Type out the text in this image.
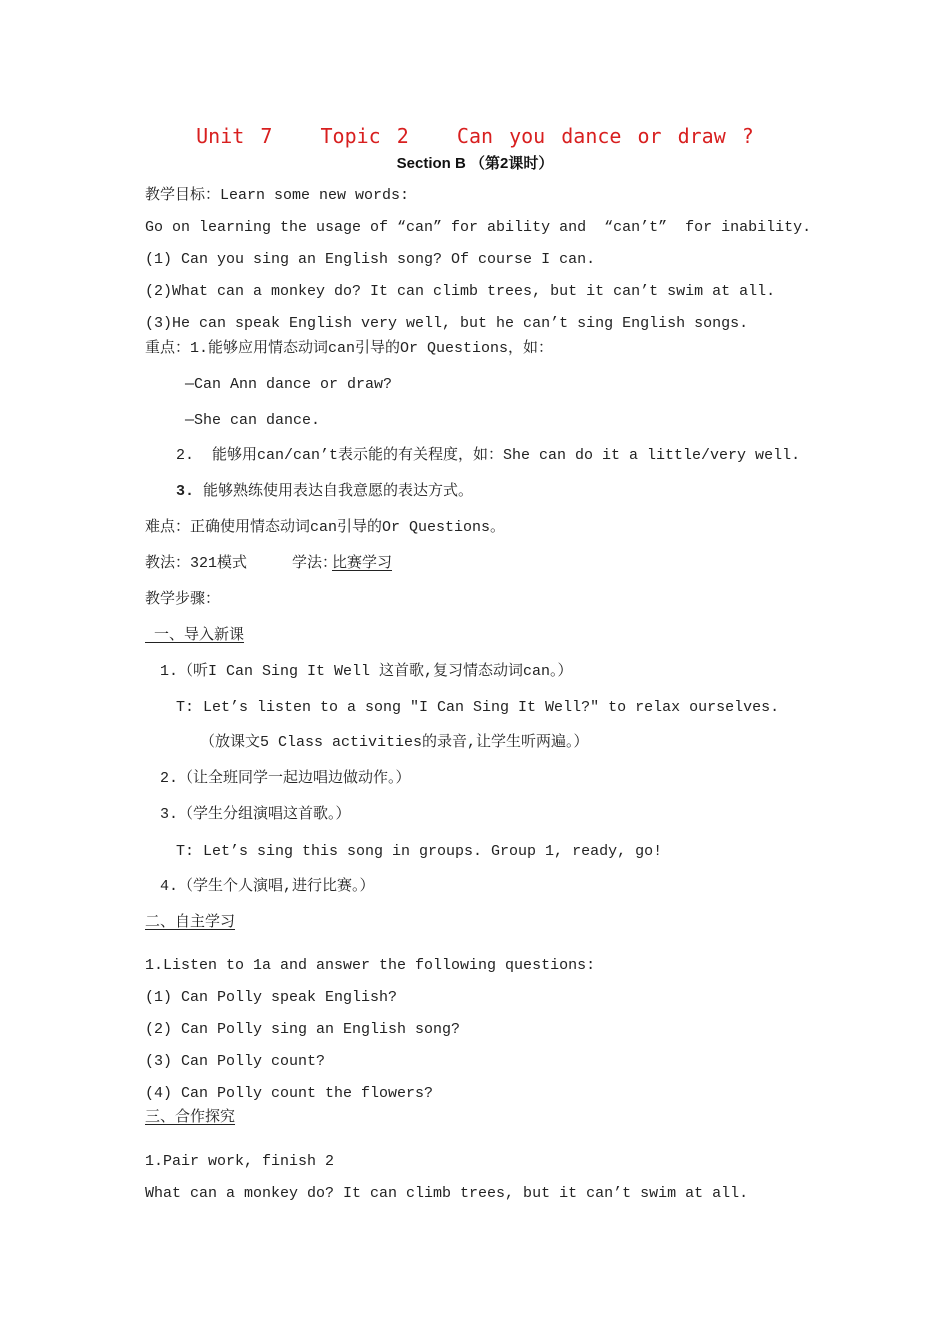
Unit 7   Topic 2   Can you dance or draw ?
Section B （第2课时）
教学目标：Learn some new words:
Go on learning the usage of “can” for ability and  “can’t”  for inability.
(1) Can you sing an English song? Of course I can.
(2)What can a monkey do? It can climb trees, but it can’t swim at all.
(3)He can speak English very well, but he can’t sing English songs.
重点：1.能够应用情态动词can引导的Or Questions，如：
—Can Ann dance or draw?
—She can dance.
2.  能够用can/can’t表示能的有关程度，如：She can do it a little/very well.
3. 能够熟练使用表达自我意愿的表达方式。
难点：正确使用情态动词can引导的Or Questions。
教法：321模式     学法：
比赛学习
教学步骤：
一、导入新课
1.（听I Can Sing It Well 这首歌,复习情态动词can。）
T: Let’s listen to a song "I Can Sing It Well?" to relax ourselves.
（放课文5 Class activities的录音,让学生听两遍。）
2.（让全班同学一起边唱边做动作。）
3.（学生分组演唱这首歌。）
T: Let’s sing this song in groups. Group 1, ready, go!
4.（学生个人演唱,进行比赛。）
二、自主学习
1.Listen to 1a and answer the following questions:
(1) Can Polly speak English?
(2) Can Polly sing an English song?
(3) Can Polly count?
(4) Can Polly count the flowers?
三、合作探究
1.Pair work, finish 2
What can a monkey do? It can climb trees, but it can’t swim at all.
